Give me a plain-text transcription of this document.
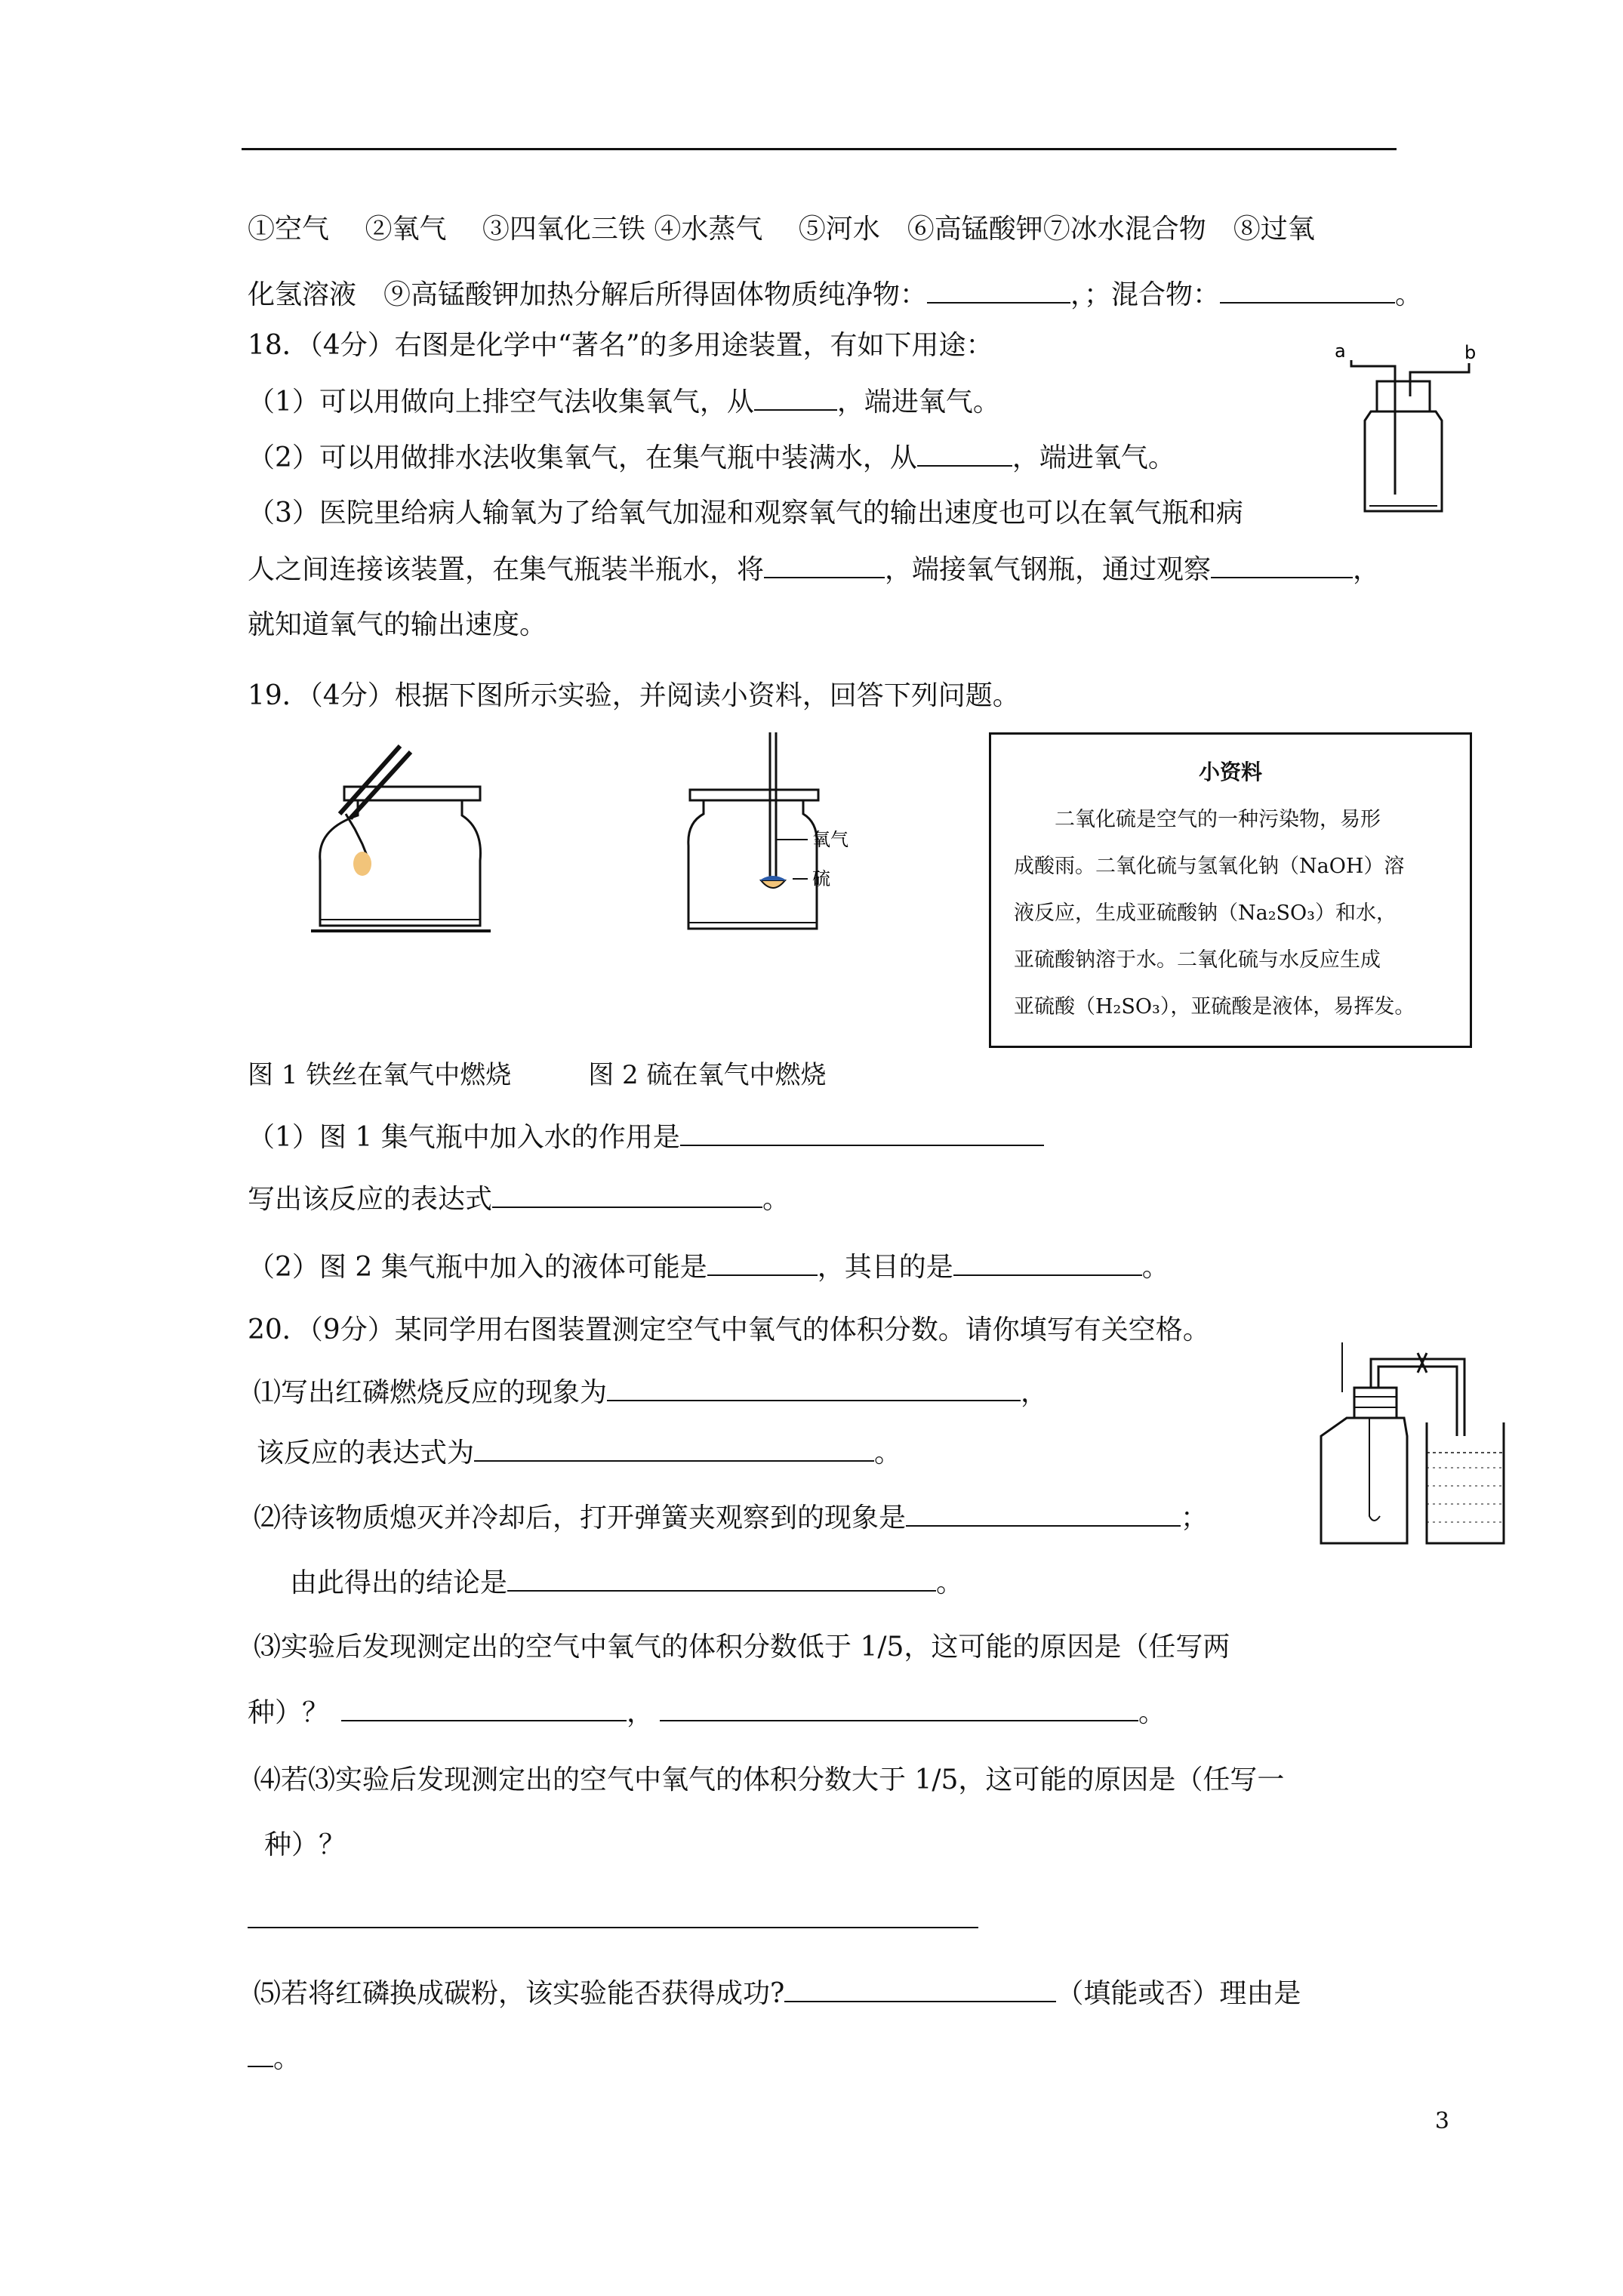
①空气　 ②氧气　 ③四氧化三铁 ④水蒸气　 ⑤河水　⑥高锰酸钾⑦冰水混合物　⑧过氧
化氢溶液　⑨高锰酸钾加热分解后所得固体物质纯净物：	，；混合物：	。
18．（4分）右图是化学中“著名”的多用途装置，有如下用途：
（1）可以用做向上排空气法收集氧气，从	，端进氧气。
（2）可以用做排水法收集氧气，在集气瓶中装满水，从	，端进氧气。
（3）医院里给病人输氧为了给氧气加湿和观察氧气的输出速度也可以在氧气瓶和病
人之间连接该装置，在集气瓶装半瓶水，将	，端接氧气钢瓶，通过观察	，
就知道氧气的输出速度。
a	b
19．（4分）根据下图所示实验，并阅读小资料，回答下列问题。
氧气
硫
小资料
　　二氧化硫是空气的一种污染物，易形
成酸雨。二氧化硫与氢氧化钠（NaOH）溶
液反应，生成亚硫酸钠（Na₂SO₃）和水，
亚硫酸钠溶于水。二氧化硫与水反应生成
亚硫酸（H₂SO₃），亚硫酸是液体，易挥发。
图 1 铁丝在氧气中燃烧　　　图 2 硫在氧气中燃烧
（1）图 1 集气瓶中加入水的作用是
写出该反应的表达式	。
（2）图 2 集气瓶中加入的液体可能是	，其目的是	。
20．（9分）某同学用右图装置测定空气中氧气的体积分数。请你填写有关空格。
⑴写出红磷燃烧反应的现象为	，
该反应的表达式为	。
⑵待该物质熄灭并冷却后，打开弹簧夹观察到的现象是	；
由此得出的结论是	。
⑶实验后发现测定出的空气中氧气的体积分数低于 1/5，这可能的原因是（任写两
种）？	，	。
⑷若⑶实验后发现测定出的空气中氧气的体积分数大于 1/5，这可能的原因是（任写一
种）？
⑸若将红磷换成碳粉，该实验能否获得成功?	（填能或否）理由是
。
3
